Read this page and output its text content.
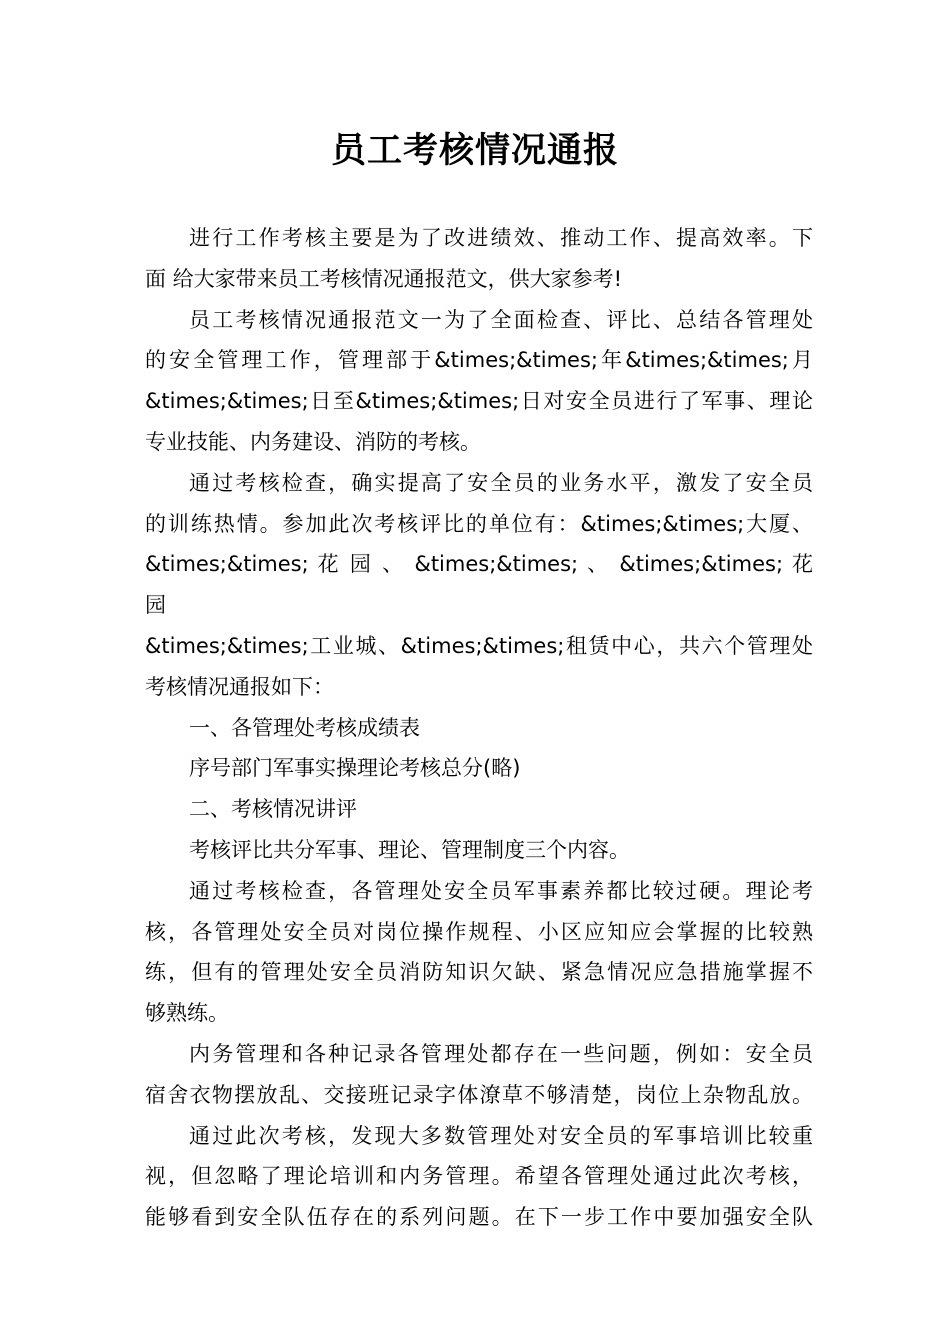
员工考核情况通报
进行工作考核主要是为了改进绩效、推动工作、提高效率。下
面 给大家带来员工考核情况通报范文，供大家参考!
员工考核情况通报范文一为了全面检查、评比、总结各管理处
的安全管理工作，管理部于&times;&times;年&times;&times;月
&times;&times;日至&times;&times;日对安全员进行了军事、理论
专业技能、内务建设、消防的考核。
通过考核检查，确实提高了安全员的业务水平，激发了安全员
的训练热情。参加此次考核评比的单位有：&times;&times;大厦、
&times;&times; 花 园 、 &times;&times; 、 &times;&times; 花 园
&times;&times;工业城、&times;&times;租赁中心，共六个管理处
考核情况通报如下：
一、各管理处考核成绩表
序号部门军事实操理论考核总分(略)
二、考核情况讲评
考核评比共分军事、理论、管理制度三个内容。
通过考核检查，各管理处安全员军事素养都比较过硬。理论考
核，各管理处安全员对岗位操作规程、小区应知应会掌握的比较熟
练，但有的管理处安全员消防知识欠缺、紧急情况应急措施掌握不
够熟练。
内务管理和各种记录各管理处都存在一些问题，例如：安全员
宿舍衣物摆放乱、交接班记录字体潦草不够清楚，岗位上杂物乱放。
通过此次考核，发现大多数管理处对安全员的军事培训比较重
视，但忽略了理论培训和内务管理。希望各管理处通过此次考核，
能够看到安全队伍存在的系列问题。在下一步工作中要加强安全队
